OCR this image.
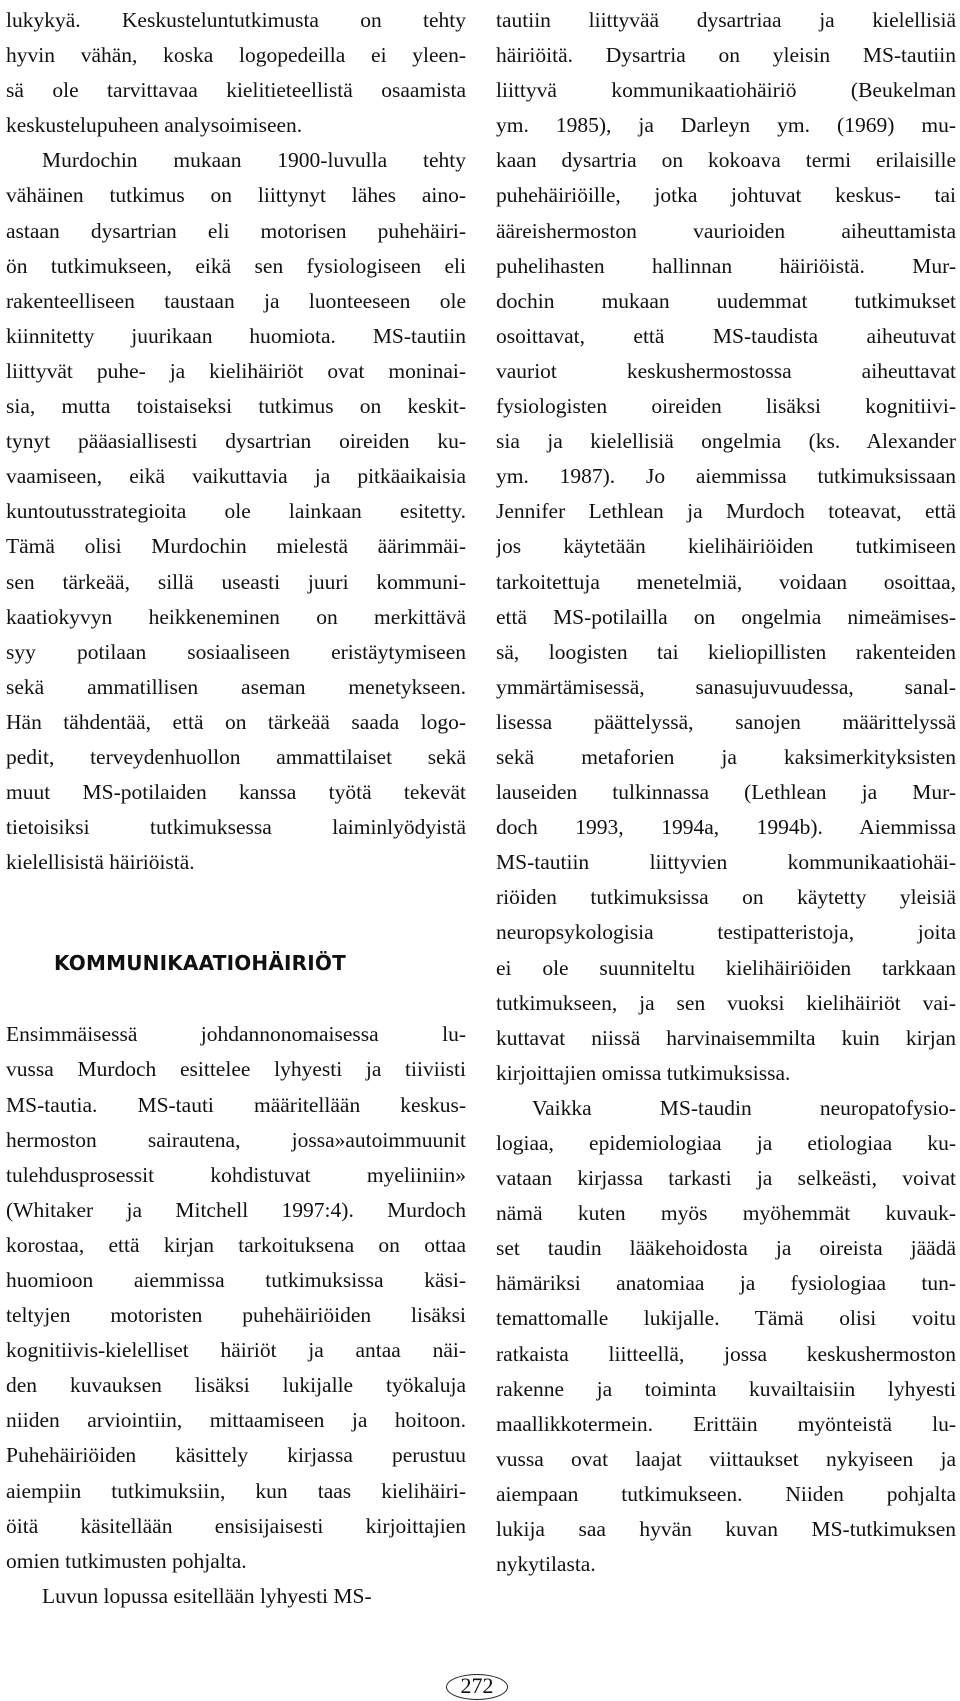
lukykyä. Keskusteluntutkimusta on tehty
hyvin vähän, koska logopedeilla ei yleen-
sä ole tarvittavaa kielitieteellistä osaamista
keskustelupuheen analysoimiseen.
Murdochin mukaan 1900-luvulla tehty
vähäinen tutkimus on liittynyt lähes aino-
astaan dysartrian eli motorisen puhehäiri-
ön tutkimukseen, eikä sen fysiologiseen eli
rakenteelliseen taustaan ja luonteeseen ole
kiinnitetty juurikaan huomiota. MS-tautiin
liittyvät puhe- ja kielihäiriöt ovat moninai-
sia, mutta toistaiseksi tutkimus on keskit-
tynyt pääasiallisesti dysartrian oireiden ku-
vaamiseen, eikä vaikuttavia ja pitkäaikaisia
kuntoutusstrategioita ole lainkaan esitetty.
Tämä olisi Murdochin mielestä äärimmäi-
sen tärkeää, sillä useasti juuri kommuni-
kaatiokyvyn heikkeneminen on merkittävä
syy potilaan sosiaaliseen eristäytymiseen
sekä ammatillisen aseman menetykseen.
Hän tähdentää, että on tärkeää saada logo-
pedit, terveydenhuollon ammattilaiset sekä
muut MS-potilaiden kanssa työtä tekevät
tietoisiksi tutkimuksessa laiminlyödyistä
kielellisistä häiriöistä.
KOMMUNIKAATIOHÄIRIÖT
Ensimmäisessä johdannonomaisessa lu-
vussa Murdoch esittelee lyhyesti ja tiiviisti
MS-tautia. MS-tauti määritellään keskus-
hermoston sairautena, jossa»autoimmuunit
tulehdusprosessit kohdistuvat myeliiniin»
(Whitaker ja Mitchell 1997:4). Murdoch
korostaa, että kirjan tarkoituksena on ottaa
huomioon aiemmissa tutkimuksissa käsi-
teltyjen motoristen puhehäiriöiden lisäksi
kognitiivis-kielelliset häiriöt ja antaa näi-
den kuvauksen lisäksi lukijalle työkaluja
niiden arviointiin, mittaamiseen ja hoitoon.
Puhehäiriöiden käsittely kirjassa perustuu
aiempiin tutkimuksiin, kun taas kielihäiri-
öitä käsitellään ensisijaisesti kirjoittajien
omien tutkimusten pohjalta.
Luvun lopussa esitellään lyhyesti MS-
tautiin liittyvää dysartriaa ja kielellisiä
häiriöitä. Dysartria on yleisin MS-tautiin
liittyvä kommunikaatiohäiriö (Beukelman
ym. 1985), ja Darleyn ym. (1969) mu-
kaan dysartria on kokoava termi erilaisille
puhehäiriöille, jotka johtuvat keskus- tai
ääreishermoston vaurioiden aiheuttamista
puhelihasten hallinnan häiriöistä. Mur-
dochin mukaan uudemmat tutkimukset
osoittavat, että MS-taudista aiheutuvat
vauriot keskushermostossa aiheuttavat
fysiologisten oireiden lisäksi kognitiivi-
sia ja kielellisiä ongelmia (ks. Alexander
ym. 1987). Jo aiemmissa tutkimuksissaan
Jennifer Lethlean ja Murdoch toteavat, että
jos käytetään kielihäiriöiden tutkimiseen
tarkoitettuja menetelmiä, voidaan osoittaa,
että MS-potilailla on ongelmia nimeämises-
sä, loogisten tai kieliopillisten rakenteiden
ymmärtämisessä, sanasujuvuudessa, sanal-
lisessa päättelyssä, sanojen määrittelyssä
sekä metaforien ja kaksimerkityksisten
lauseiden tulkinnassa (Lethlean ja Mur-
doch 1993, 1994a, 1994b). Aiemmissa
MS-tautiin liittyvien kommunikaatiohäi-
riöiden tutkimuksissa on käytetty yleisiä
neuropsykologisia testipatteristoja, joita
ei ole suunniteltu kielihäiriöiden tarkkaan
tutkimukseen, ja sen vuoksi kielihäiriöt vai-
kuttavat niissä harvinaisemmilta kuin kirjan
kirjoittajien omissa tutkimuksissa.
Vaikka MS-taudin neuropatofysio-
logiaa, epidemiologiaa ja etiologiaa ku-
vataan kirjassa tarkasti ja selkeästi, voivat
nämä kuten myös myöhemmät kuvauk-
set taudin lääkehoidosta ja oireista jäädä
hämäriksi anatomiaa ja fysiologiaa tun-
temattomalle lukijalle. Tämä olisi voitu
ratkaista liitteellä, jossa keskushermoston
rakenne ja toiminta kuvailtaisiin lyhyesti
maallikkotermein. Erittäin myönteistä lu-
vussa ovat laajat viittaukset nykyiseen ja
aiempaan tutkimukseen. Niiden pohjalta
lukija saa hyvän kuvan MS-tutkimuksen
nykytilasta.
272
